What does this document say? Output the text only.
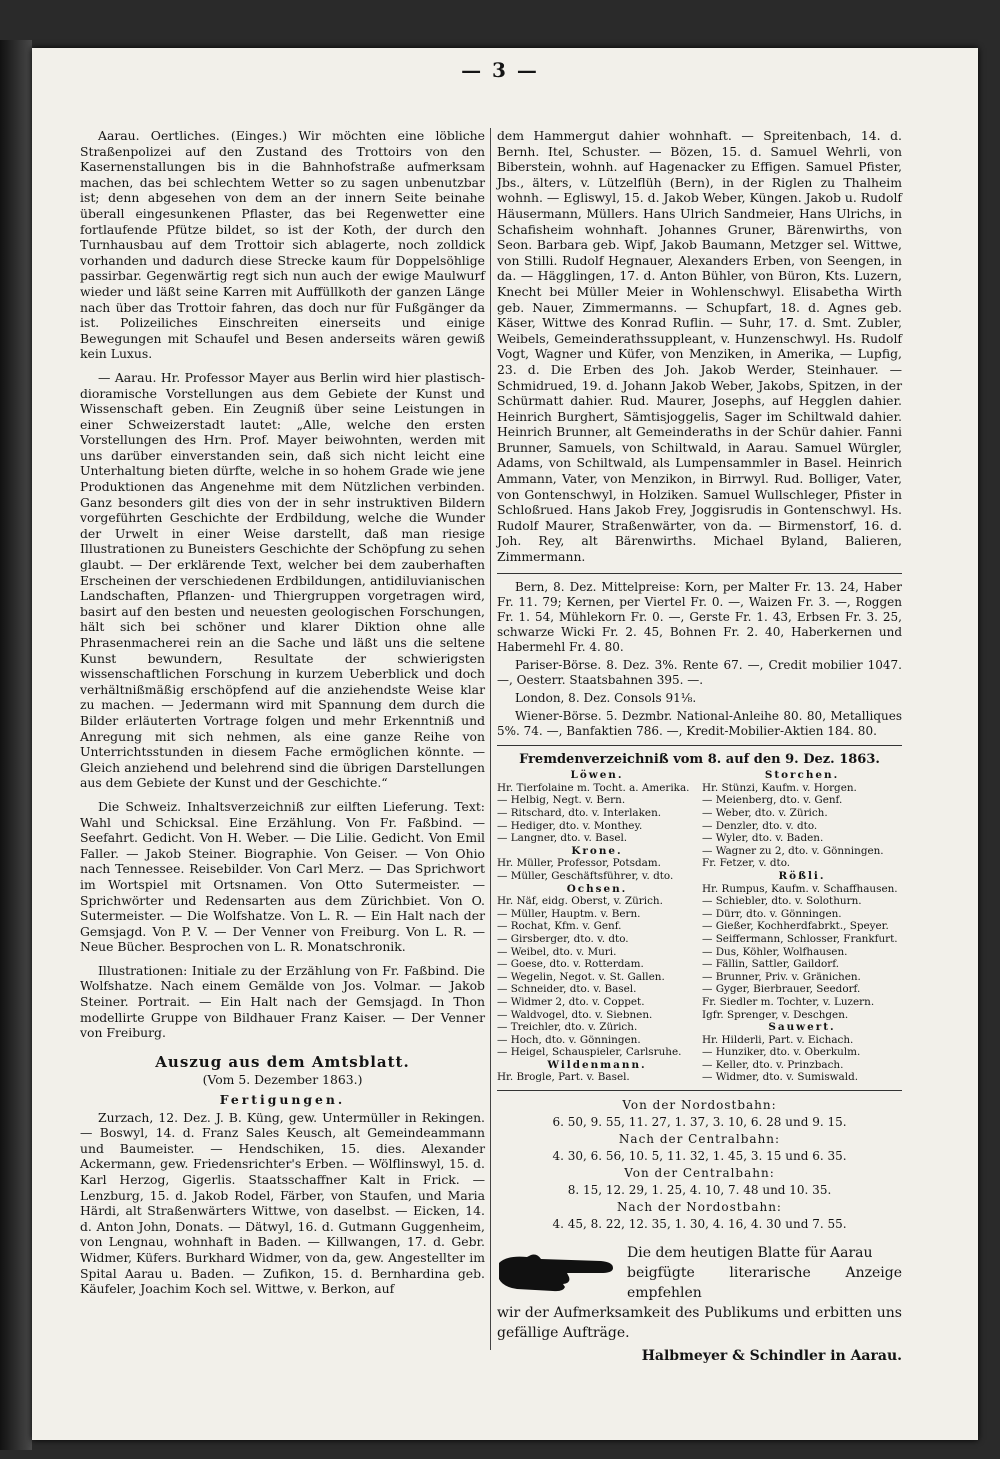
— 3 —

Aarau. Oertliches. (Einges.) Wir möchten eine löbliche Straßenpolizei auf den Zustand des Trottoirs von den Kasernenstallungen bis in die Bahnhofstraße aufmerksam machen, das bei schlechtem Wetter so zu sagen unbenutzbar ist; denn abgesehen von dem an der innern Seite beinahe überall eingesunkenen Pflaster, das bei Regenwetter eine fortlaufende Pfütze bildet, so ist der Koth, der durch den Turnhausbau auf dem Trottoir sich ablagerte, noch zolldick vorhanden und dadurch diese Strecke kaum für Doppelsöhlige passirbar. Gegenwärtig regt sich nun auch der ewige Maulwurf wieder und läßt seine Karren mit Auffüllkoth der ganzen Länge nach über das Trottoir fahren, das doch nur für Fußgänger da ist. Polizeiliches Einschreiten einerseits und einige Bewegungen mit Schaufel und Besen anderseits wären gewiß kein Luxus.

— Aarau. Hr. Professor Mayer aus Berlin wird hier plastisch-dioramische Vorstellungen aus dem Gebiete der Kunst und Wissenschaft geben. Ein Zeugniß über seine Leistungen in einer Schweizerstadt lautet: „Alle, welche den ersten Vorstellungen des Hrn. Prof. Mayer beiwohnten, werden mit uns darüber einverstanden sein, daß sich nicht leicht eine Unterhaltung bieten dürfte, welche in so hohem Grade wie jene Produktionen das Angenehme mit dem Nützlichen verbinden. Ganz besonders gilt dies von der in sehr instruktiven Bildern vorgeführten Geschichte der Erdbildung, welche die Wunder der Urwelt in einer Weise darstellt, daß man riesige Illustrationen zu Buneisters Geschichte der Schöpfung zu sehen glaubt. — Der erklärende Text, welcher bei dem zauberhaften Erscheinen der verschiedenen Erdbildungen, antidiluvianischen Landschaften, Pflanzen- und Thiergruppen vorgetragen wird, basirt auf den besten und neuesten geologischen Forschungen, hält sich bei schöner und klarer Diktion ohne alle Phrasenmacherei rein an die Sache und läßt uns die seltene Kunst bewundern, Resultate der schwierigsten wissenschaftlichen Forschung in kurzem Ueberblick und doch verhältnißmäßig erschöpfend auf die anziehendste Weise klar zu machen. — Jedermann wird mit Spannung dem durch die Bilder erläuterten Vortrage folgen und mehr Erkenntniß und Anregung mit sich nehmen, als eine ganze Reihe von Unterrichtsstunden in diesem Fache ermöglichen könnte. — Gleich anziehend und belehrend sind die übrigen Darstellungen aus dem Gebiete der Kunst und der Geschichte.“

Die Schweiz. Inhaltsverzeichniß zur eilften Lieferung. Text: Wahl und Schicksal. Eine Erzählung. Von Fr. Faßbind. — Seefahrt. Gedicht. Von H. Weber. — Die Lilie. Gedicht. Von Emil Faller. — Jakob Steiner. Biographie. Von Geiser. — Von Ohio nach Tennessee. Reisebilder. Von Carl Merz. — Das Sprichwort im Wortspiel mit Ortsnamen. Von Otto Sutermeister. — Sprichwörter und Redensarten aus dem Zürichbiet. Von O. Sutermeister. — Die Wolfshatze. Von L. R. — Ein Halt nach der Gemsjagd. Von P. V. — Der Venner von Freiburg. Von L. R. — Neue Bücher. Besprochen von L. R. Monatschronik.

Illustrationen: Initiale zu der Erzählung von Fr. Faßbind. Die Wolfshatze. Nach einem Gemälde von Jos. Volmar. — Jakob Steiner. Portrait. — Ein Halt nach der Gemsjagd. In Thon modellirte Gruppe von Bildhauer Franz Kaiser. — Der Venner von Freiburg.

Auszug aus dem Amtsblatt.
(Vom 5. Dezember 1863.)
Fertigungen.

Zurzach, 12. Dez. J. B. Küng, gew. Untermüller in Rekingen. — Boswyl, 14. d. Franz Sales Keusch, alt Gemeindeammann und Baumeister. — Hendschiken, 15. dies. Alexander Ackermann, gew. Friedensrichter's Erben. — Wölflinswyl, 15. d. Karl Herzog, Gigerlis. Staatsschaffner Kalt in Frick. — Lenzburg, 15. d. Jakob Rodel, Färber, von Staufen, und Maria Härdi, alt Straßenwärters Wittwe, von daselbst. — Eicken, 14. d. Anton John, Donats. — Dätwyl, 16. d. Gutmann Guggenheim, von Lengnau, wohnhaft in Baden. — Killwangen, 17. d. Gebr. Widmer, Küfers. Burkhard Widmer, von da, gew. Angestellter im Spital Aarau u. Baden. — Zufikon, 15. d. Bernhardina geb. Käufeler, Joachim Koch sel. Wittwe, v. Berkon, auf

dem Hammergut dahier wohnhaft. — Spreitenbach, 14. d. Bernh. Itel, Schuster. — Bözen, 15. d. Samuel Wehrli, von Biberstein, wohnh. auf Hagenacker zu Effigen. Samuel Pfister, Jbs., älters, v. Lützelflüh (Bern), in der Riglen zu Thalheim wohnh. — Egliswyl, 15. d. Jakob Weber, Küngen. Jakob u. Rudolf Häusermann, Müllers. Hans Ulrich Sandmeier, Hans Ulrichs, in Schafisheim wohnhaft. Johannes Gruner, Bärenwirths, von Seon. Barbara geb. Wipf, Jakob Baumann, Metzger sel. Wittwe, von Stilli. Rudolf Hegnauer, Alexanders Erben, von Seengen, in da. — Hägglingen, 17. d. Anton Bühler, von Büron, Kts. Luzern, Knecht bei Müller Meier in Wohlenschwyl. Elisabetha Wirth geb. Nauer, Zimmermanns. — Schupfart, 18. d. Agnes geb. Käser, Wittwe des Konrad Ruflin. — Suhr, 17. d. Smt. Zubler, Weibels, Gemeinderathssuppleant, v. Hunzenschwyl. Hs. Rudolf Vogt, Wagner und Küfer, von Menziken, in Amerika, — Lupfig, 23. d. Die Erben des Joh. Jakob Werder, Steinhauer. — Schmidrued, 19. d. Johann Jakob Weber, Jakobs, Spitzen, in der Schürmatt dahier. Rud. Maurer, Josephs, auf Hegglen dahier. Heinrich Burghert, Sämtisjoggelis, Sager im Schiltwald dahier. Heinrich Brunner, alt Gemeinderaths in der Schür dahier. Fanni Brunner, Samuels, von Schiltwald, in Aarau. Samuel Würgler, Adams, von Schiltwald, als Lumpensammler in Basel. Heinrich Ammann, Vater, von Menzikon, in Birrwyl. Rud. Bolliger, Vater, von Gontenschwyl, in Holziken. Samuel Wullschleger, Pfister in Schloßrued. Hans Jakob Frey, Joggisrudis in Gontenschwyl. Hs. Rudolf Maurer, Straßenwärter, von da. — Birmenstorf, 16. d. Joh. Rey, alt Bärenwirths. Michael Byland, Balieren, Zimmermann.

Bern, 8. Dez. Mittelpreise: Korn, per Malter Fr. 13. 24, Haber Fr. 11. 79; Kernen, per Viertel Fr. 0. —, Waizen Fr. 3. —, Roggen Fr. 1. 54, Mühlekorn Fr. 0. —, Gerste Fr. 1. 43, Erbsen Fr. 3. 25, schwarze Wicki Fr. 2. 45, Bohnen Fr. 2. 40, Haberkernen und Habermehl Fr. 4. 80.

Pariser-Börse. 8. Dez. 3%. Rente 67. —, Credit mobilier 1047. —, Oesterr. Staatsbahnen 395. —.

London, 8. Dez. Consols 91⅛.

Wiener-Börse. 5. Dezmbr. National-Anleihe 80. 80, Metalliques 5%. 74. —, Banfaktien 786. —, Kredit-Mobilier-Aktien 184. 80.

Fremdenverzeichniß vom 8. auf den 9. Dez. 1863.
Löwen.
Hr. Tierfolaine m. Tocht. a. Amerika.
— Helbig, Negt. v. Bern.
— Ritschard, dto. v. Interlaken.
— Hediger, dto. v. Monthey.
— Langner, dto. v. Basel.
Krone.
Hr. Müller, Professor, Potsdam.
— Müller, Geschäftsführer, v. dto.
Ochsen.
Hr. Näf, eidg. Oberst, v. Zürich.
— Müller, Hauptm. v. Bern.
— Rochat, Kfm. v. Genf.
— Girsberger, dto. v. dto.
— Weibel, dto. v. Muri.
— Goese, dto. v. Rotterdam.
— Wegelin, Negot. v. St. Gallen.
— Schneider, dto. v. Basel.
— Widmer 2, dto. v. Coppet.
— Waldvogel, dto. v. Siebnen.
— Treichler, dto. v. Zürich.
— Hoch, dto. v. Gönningen.
— Heigel, Schauspieler, Carlsruhe.
Wildenmann.
Hr. Brogle, Part. v. Basel.
Storchen.
Hr. Stünzi, Kaufm. v. Horgen.
— Meienberg, dto. v. Genf.
— Weber, dto. v. Zürich.
— Denzler, dto. v. dto.
— Wyler, dto. v. Baden.
— Wagner zu 2, dto. v. Gönningen.
Fr. Fetzer, v. dto.
Rößli.
Hr. Rumpus, Kaufm. v. Schaffhausen.
— Schiebler, dto. v. Solothurn.
— Dürr, dto. v. Gönningen.
— Gießer, Kochherdfabrkt., Speyer.
— Seiffermann, Schlosser, Frankfurt.
— Dus, Köhler, Wolfhausen.
— Fällin, Sattler, Gaildorf.
— Brunner, Priv. v. Gränichen.
— Gyger, Bierbrauer, Seedorf.
Fr. Siedler m. Tochter, v. Luzern.
Igfr. Sprenger, v. Deschgen.
Sauwert.
Hr. Hilderli, Part. v. Eichach.
— Hunziker, dto. v. Oberkulm.
— Keller, dto. v. Prinzbach.
— Widmer, dto. v. Sumiswald.
Von der Nordostbahn:
6. 50, 9. 55, 11. 27, 1. 37, 3. 10, 6. 28 und 9. 15.
Nach der Centralbahn:
4. 30, 6. 56, 10. 5, 11. 32, 1. 45, 3. 15 und 6. 35.
Von der Centralbahn:
8. 15, 12. 29, 1. 25, 4. 10, 7. 48 und 10. 35.
Nach der Nordostbahn:
4. 45, 8. 22, 12. 35, 1. 30, 4. 16, 4. 30 und 7. 55.
Die dem heutigen Blatte für Aarau
beigfügte literarische Anzeige empfehlen
wir der Aufmerksamkeit des Publikums und erbitten uns gefällige Aufträge.
Halbmeyer & Schindler in Aarau.
